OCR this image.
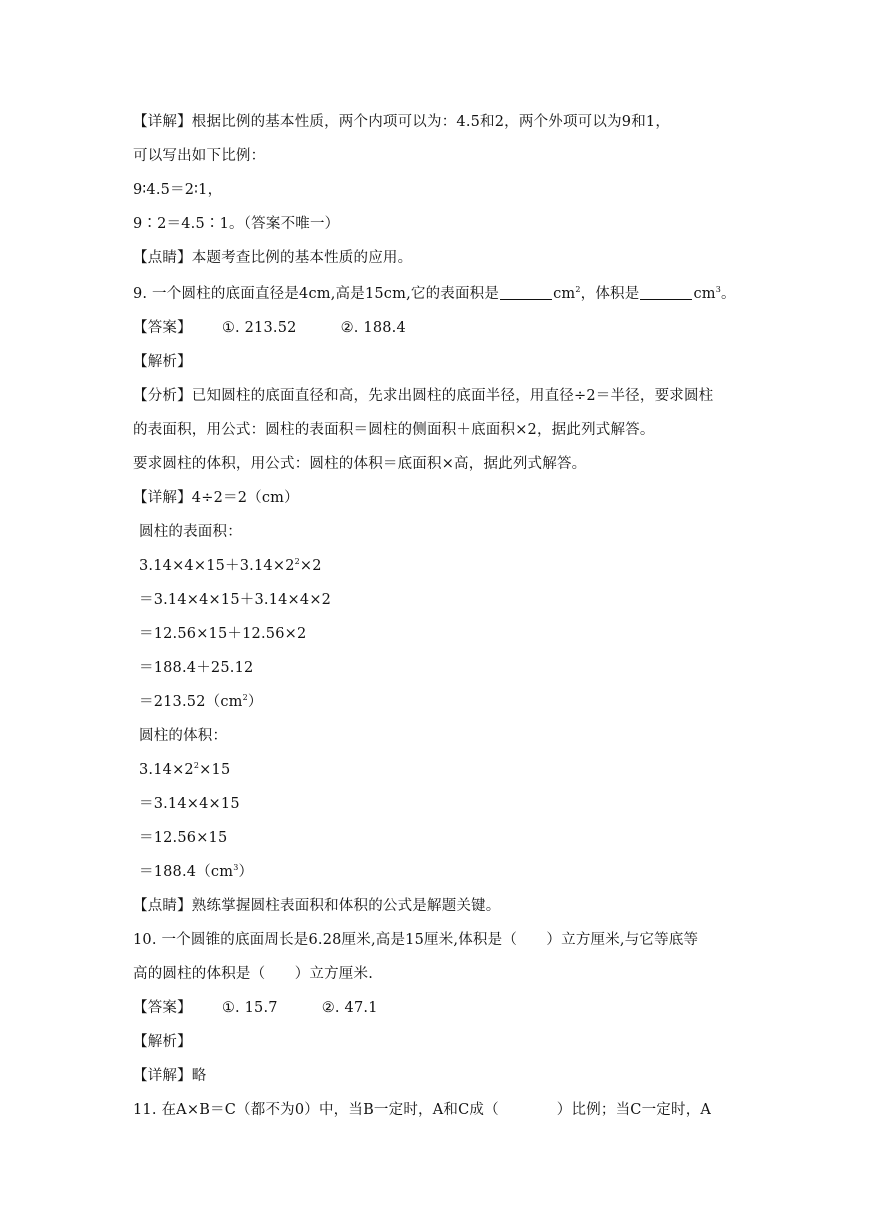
【详解】根据比例的基本性质，两个内项可以为：4.5和2，两个外项可以为9和1，
可以写出如下比例：
9∶4.5＝2∶1，
9∶2＝4.5∶1。（答案不唯一）
【点睛】本题考查比例的基本性质的应用。
9. 一个圆柱的底面直径是4cm,高是15cm,它的表面积是	$cm^2$，体积是	$cm^3$。
【答案】 ①. 213.52	②. 188.4
【解析】
【分析】已知圆柱的底面直径和高，先求出圆柱的底面半径，用直径÷2＝半径，要求圆柱
的表面积，用公式：圆柱的表面积＝圆柱的侧面积＋底面积×2，据此列式解答。
要求圆柱的体积，用公式：圆柱的体积＝底面积×高，据此列式解答。
【详解】4÷2＝2（cm）
圆柱的表面积：
$3.14\times 4\times 15+3.14\times 2^2\times 2$
＝3.14×4×15＋3.14×4×2
＝12.56×15＋12.56×2
＝188.4＋25.12
$=213.52(cm^2)$
圆柱的体积：
$3.14\times 2^2\times 15$
＝3.14×4×15
＝12.56×15
$=188.4(cm^3)$
【点睛】熟练掌握圆柱表面积和体积的公式是解题关键。
10. 一个圆锥的底面周长是6.28厘米,高是15厘米,体积是（　　）立方厘米,与它等底等
高的圆柱的体积是（　　）立方厘米.
【答案】 ①. 15.7	②. 47.1
【解析】
【详解】略
11. 在A×B＝C（都不为0）中，当B一定时，A和C成（	）比例；当C一定时，A
